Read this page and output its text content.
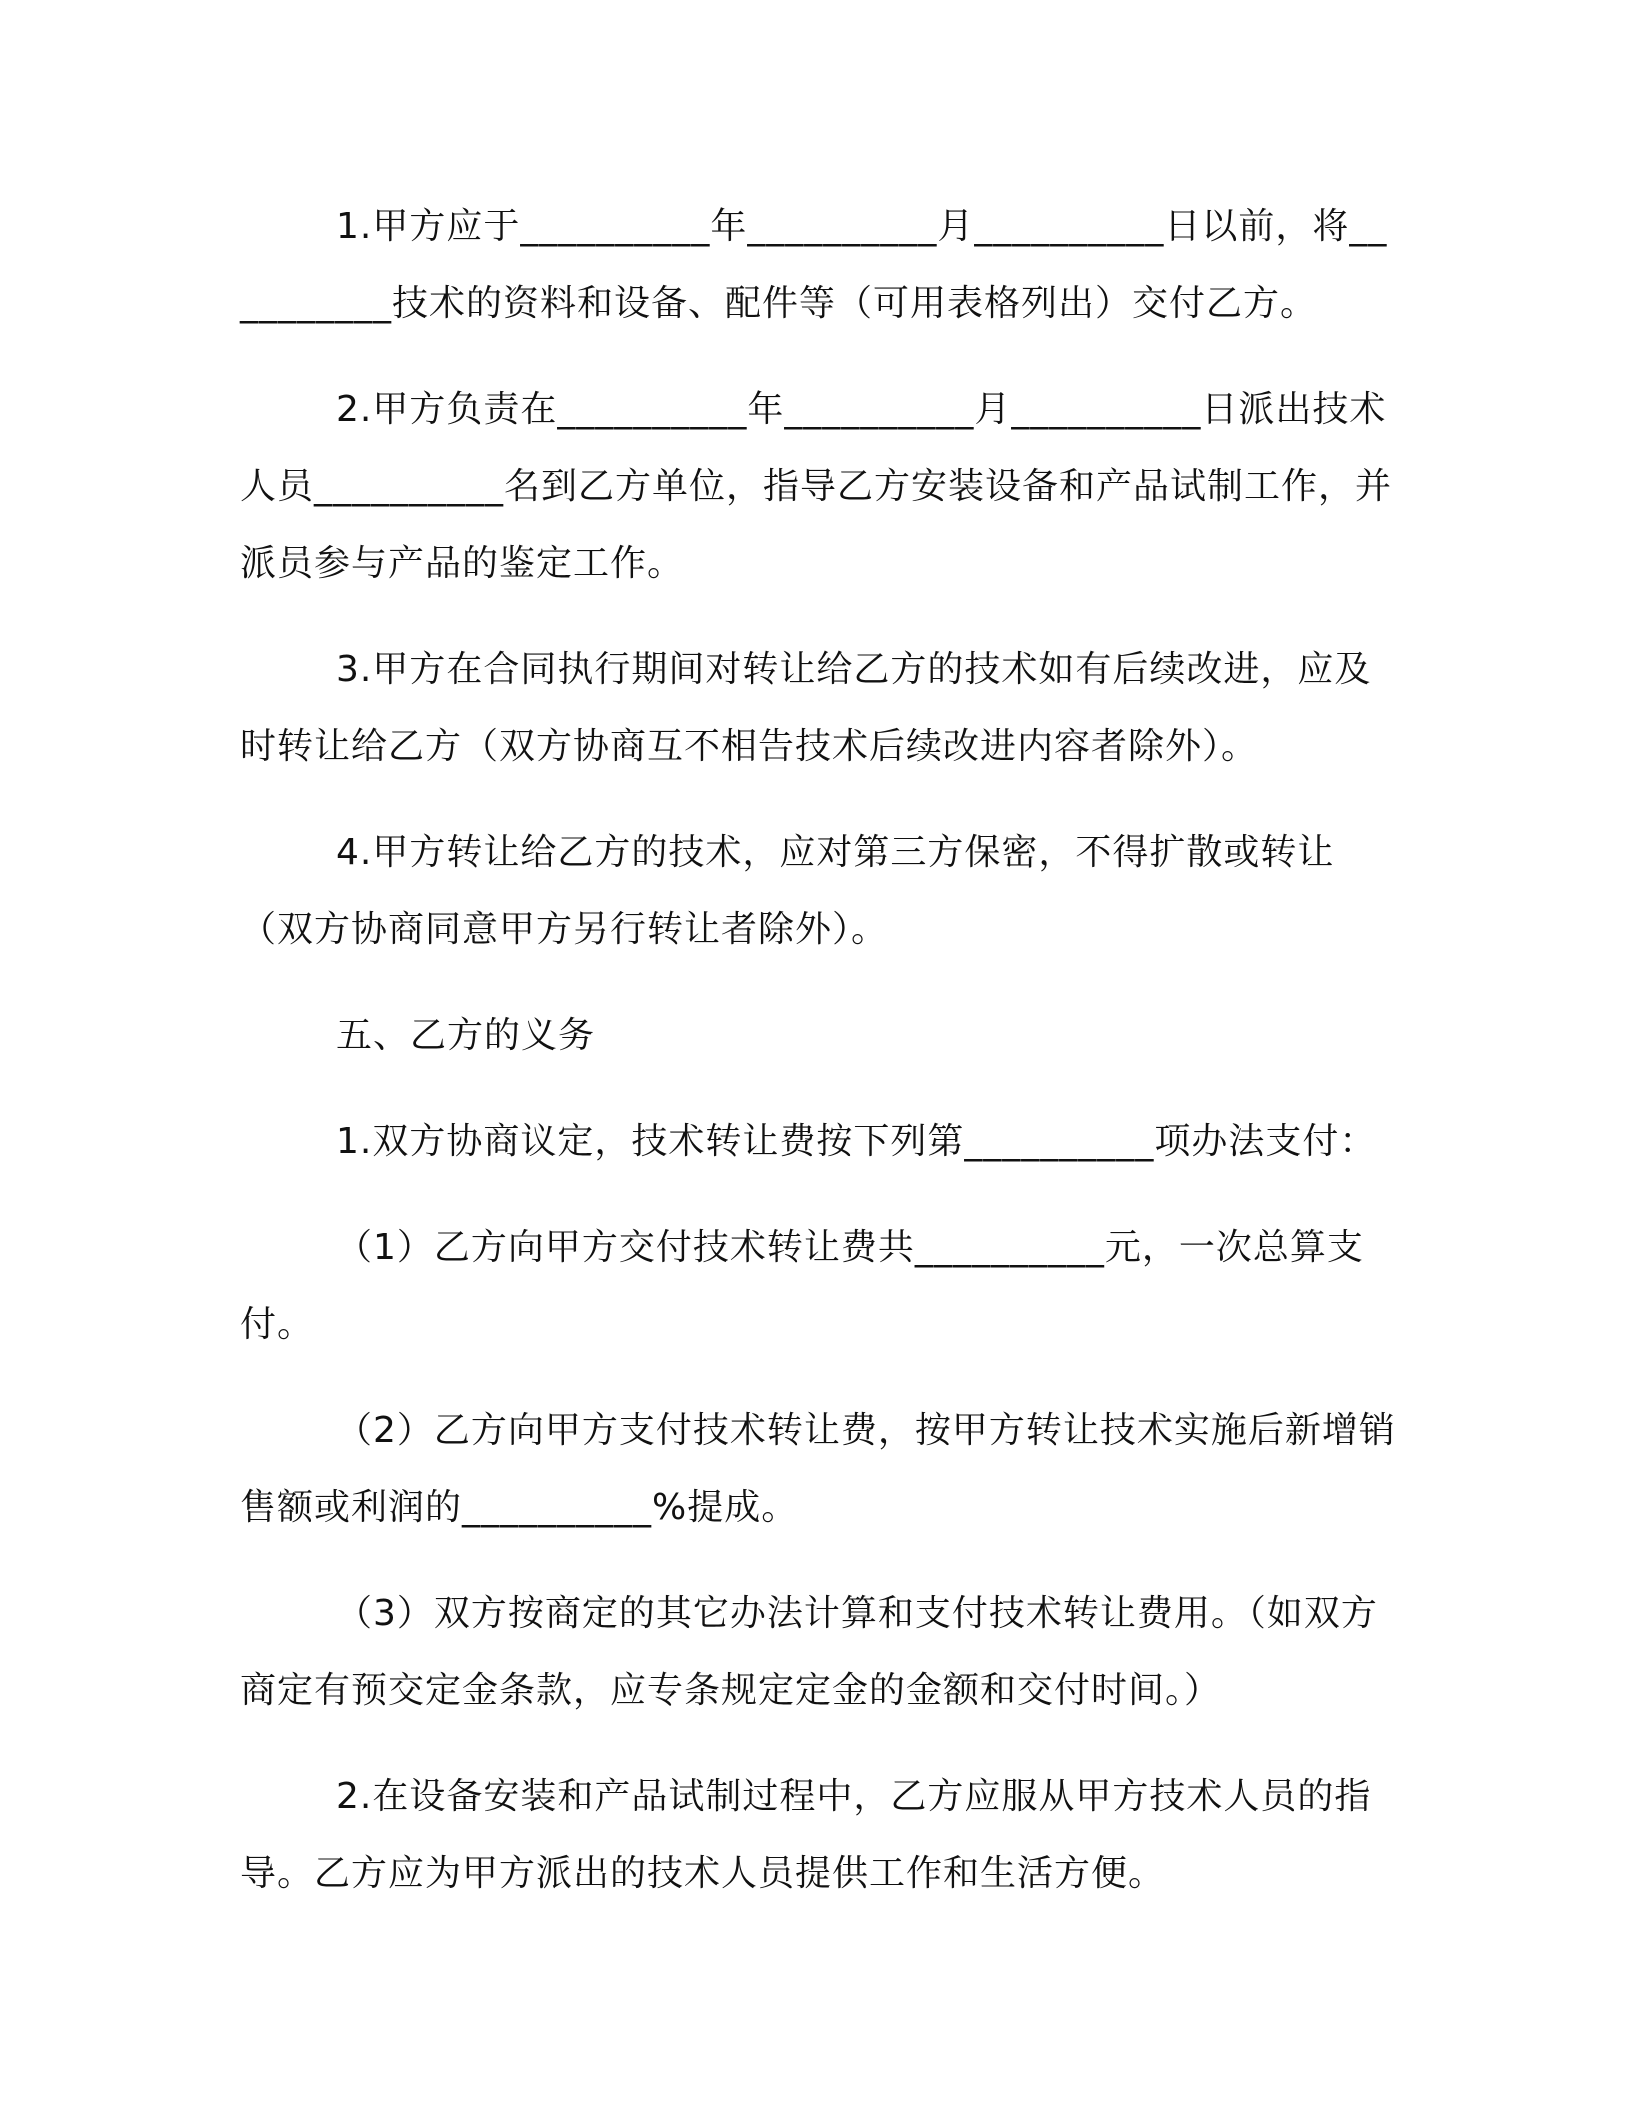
1.甲方应于__________年__________月__________日以前，将__________技术的资料和设备、配件等（可用表格列出）交付乙方。

2.甲方负责在__________年__________月__________日派出技术人员__________名到乙方单位，指导乙方安装设备和产品试制工作，并派员参与产品的鉴定工作。

3.甲方在合同执行期间对转让给乙方的技术如有后续改进，应及时转让给乙方（双方协商互不相告技术后续改进内容者除外）。

4.甲方转让给乙方的技术，应对第三方保密，不得扩散或转让（双方协商同意甲方另行转让者除外）。

五、乙方的义务

1.双方协商议定，技术转让费按下列第__________项办法支付：

（1）乙方向甲方交付技术转让费共__________元，一次总算支付。

（2）乙方向甲方支付技术转让费，按甲方转让技术实施后新增销售额或利润的__________%提成。

（3）双方按商定的其它办法计算和支付技术转让费用。（如双方商定有预交定金条款，应专条规定定金的金额和交付时间。）

2.在设备安装和产品试制过程中，乙方应服从甲方技术人员的指导。乙方应为甲方派出的技术人员提供工作和生活方便。
